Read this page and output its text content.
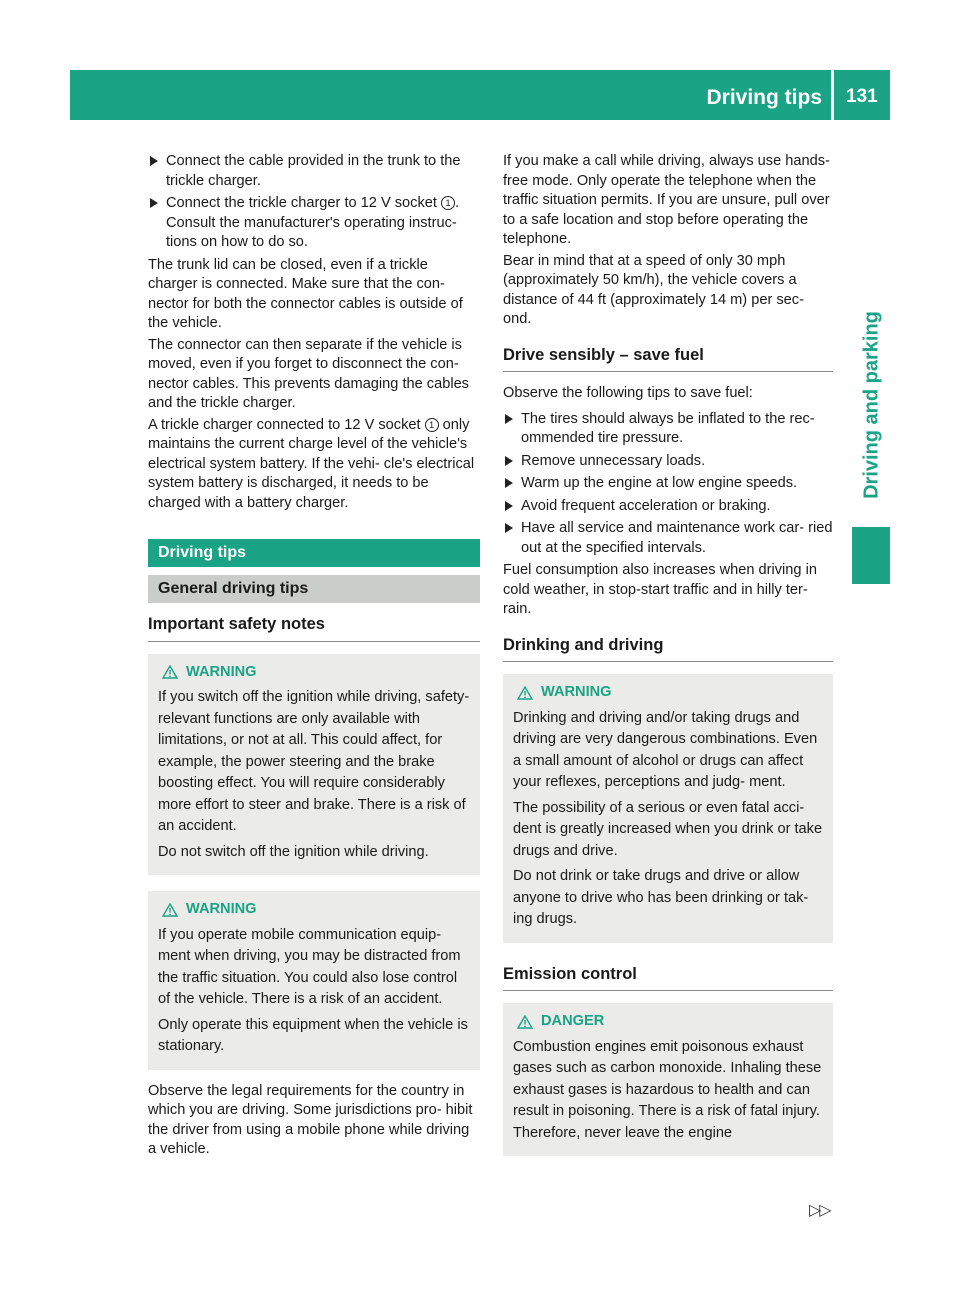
Driving tips 131
Driving and parking
Connect the cable provided in the trunk to the trickle charger.
Connect the trickle charger to 12 V socket 1 . Consult the manufacturer's operating instruc- tions on how to do so.

The trunk lid can be closed, even if a trickle charger is connected. Make sure that the con- nector for both the connector cables is outside of the vehicle.

The connector can then separate if the vehicle is moved, even if you forget to disconnect the con- nector cables. This prevents damaging the cables and the trickle charger.

A trickle charger connected to 12 V socket 1 only maintains the current charge level of the vehicle's electrical system battery. If the vehi- cle's electrical system battery is discharged, it needs to be charged with a battery charger.

Driving tips
General driving tips
Important safety notes
WARNING

If you switch off the ignition while driving, safety-relevant functions are only available with limitations, or not at all. This could affect, for example, the power steering and the brake boosting effect. You will require considerably more effort to steer and brake. There is a risk of an accident.

Do not switch off the ignition while driving.

WARNING

If you operate mobile communication equip- ment when driving, you may be distracted from the traffic situation. You could also lose control of the vehicle. There is a risk of an accident.

Only operate this equipment when the vehicle is stationary.

Observe the legal requirements for the country in which you are driving. Some jurisdictions pro- hibit the driver from using a mobile phone while driving a vehicle.

If you make a call while driving, always use hands-free mode. Only operate the telephone when the traffic situation permits. If you are unsure, pull over to a safe location and stop before operating the telephone.

Bear in mind that at a speed of only 30 mph (approximately 50 km/h), the vehicle covers a distance of 44 ft (approximately 14 m) per sec- ond.

Drive sensibly – save fuel

Observe the following tips to save fuel:

The tires should always be inflated to the rec- ommended tire pressure.
Remove unnecessary loads.
Warm up the engine at low engine speeds.
Avoid frequent acceleration or braking.
Have all service and maintenance work car- ried out at the specified intervals.

Fuel consumption also increases when driving in cold weather, in stop-start traffic and in hilly ter- rain.

Drinking and driving
WARNING

Drinking and driving and/or taking drugs and driving are very dangerous combinations. Even a small amount of alcohol or drugs can affect your reflexes, perceptions and judg- ment.

The possibility of a serious or even fatal acci- dent is greatly increased when you drink or take drugs and drive.

Do not drink or take drugs and drive or allow anyone to drive who has been drinking or tak- ing drugs.

Emission control
DANGER

Combustion engines emit poisonous exhaust gases such as carbon monoxide. Inhaling these exhaust gases is hazardous to health and can result in poisoning. There is a risk of fatal injury. Therefore, never leave the engine

▷▷
